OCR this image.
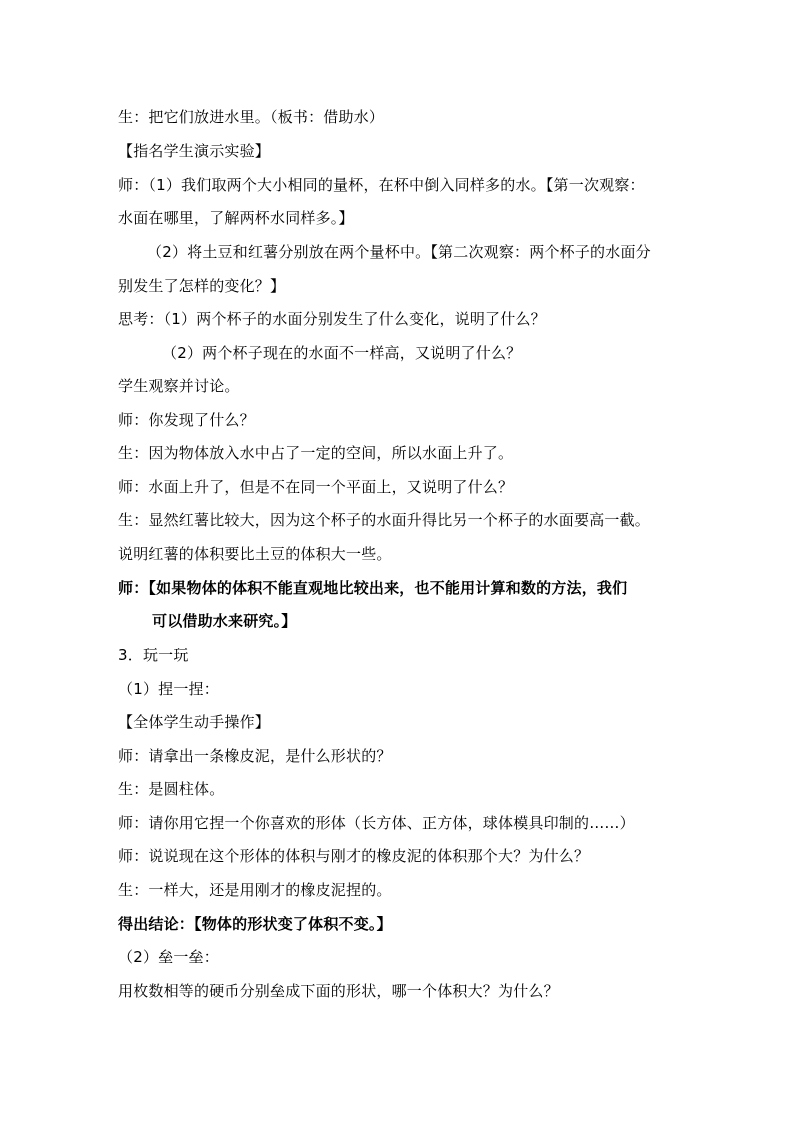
生：把它们放进水里。（板书：借助水）
【指名学生演示实验】
师：（1）我们取两个大小相同的量杯，在杯中倒入同样多的水。【第一次观察：
水面在哪里，了解两杯水同样多。】
（2）将土豆和红薯分别放在两个量杯中。【第二次观察：两个杯子的水面分
别发生了怎样的变化？】
思考：（1）两个杯子的水面分别发生了什么变化，说明了什么？
（2）两个杯子现在的水面不一样高，又说明了什么？
学生观察并讨论。
师：你发现了什么？
生：因为物体放入水中占了一定的空间，所以水面上升了。
师：水面上升了，但是不在同一个平面上，又说明了什么？
生：显然红薯比较大，因为这个杯子的水面升得比另一个杯子的水面要高一截。
说明红薯的体积要比土豆的体积大一些。
师：【如果物体的体积不能直观地比较出来，也不能用计算和数的方法，我们
可以借助水来研究。】
3．玩一玩
（1）捏一捏：
【全体学生动手操作】
师：请拿出一条橡皮泥，是什么形状的？
生：是圆柱体。
师：请你用它捏一个你喜欢的形体（长方体、正方体，球体模具印制的……）
师：说说现在这个形体的体积与刚才的橡皮泥的体积那个大？为什么？
生：一样大，还是用刚才的橡皮泥捏的。
得出结论：【物体的形状变了体积不变。】
（2）垒一垒：
用枚数相等的硬币分别垒成下面的形状，哪一个体积大？为什么？
